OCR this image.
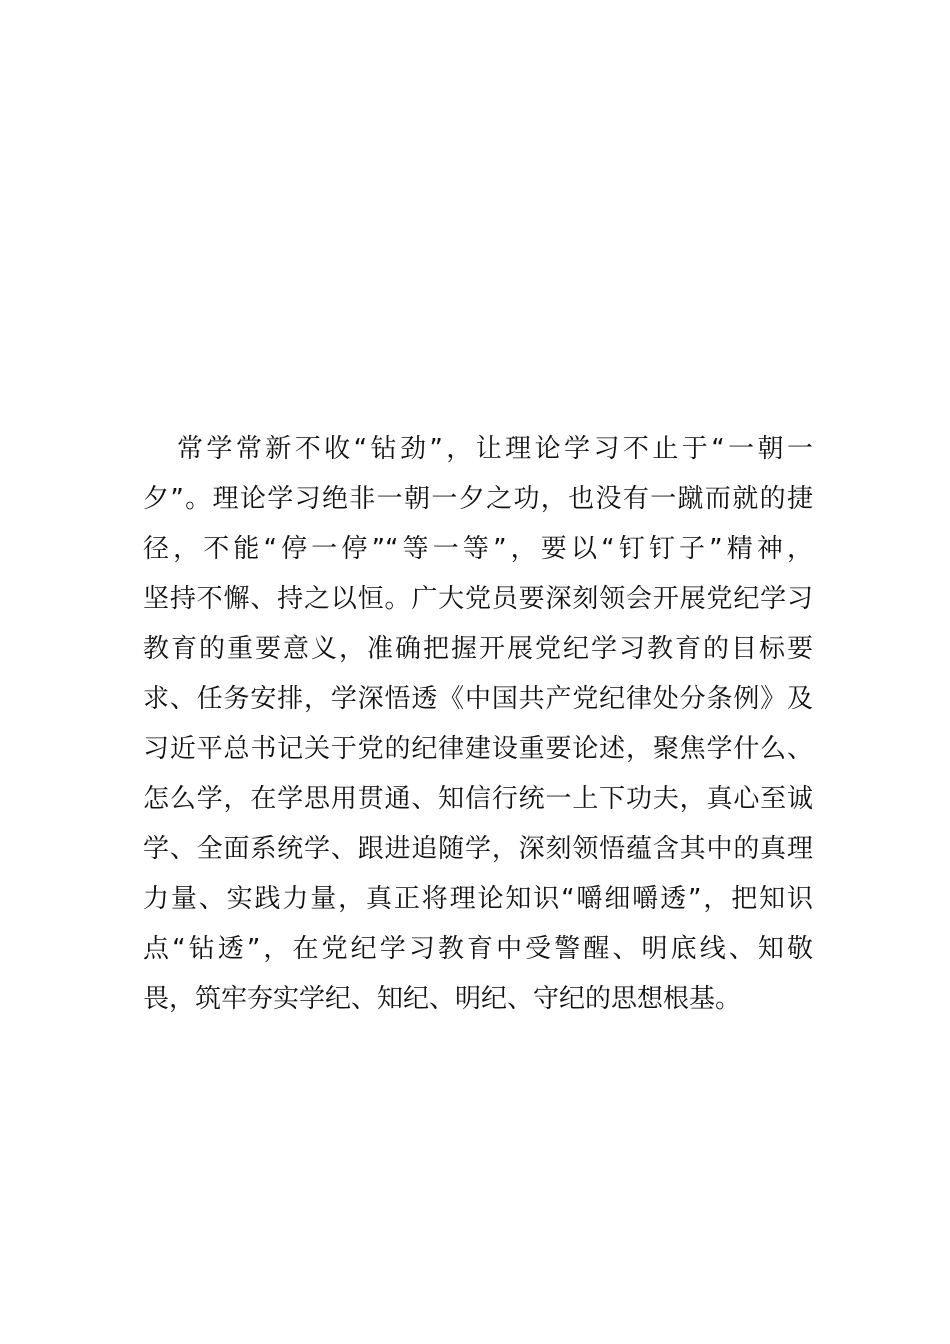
常学常新不收“钻劲”，让理论学习不止于“一朝一
夕”。理论学习绝非一朝一夕之功，也没有一蹴而就的捷
径，不能“停一停”“等一等”，要以“钉钉子”精神，
坚持不懈、持之以恒。广大党员要深刻领会开展党纪学习
教育的重要意义，准确把握开展党纪学习教育的目标要
求、任务安排，学深悟透《中国共产党纪律处分条例》及
习近平总书记关于党的纪律建设重要论述，聚焦学什么、
怎么学，在学思用贯通、知信行统一上下功夫，真心至诚
学、全面系统学、跟进追随学，深刻领悟蕴含其中的真理
力量、实践力量，真正将理论知识“嚼细嚼透”，把知识
点“钻透”，在党纪学习教育中受警醒、明底线、知敬
畏，筑牢夯实学纪、知纪、明纪、守纪的思想根基。
